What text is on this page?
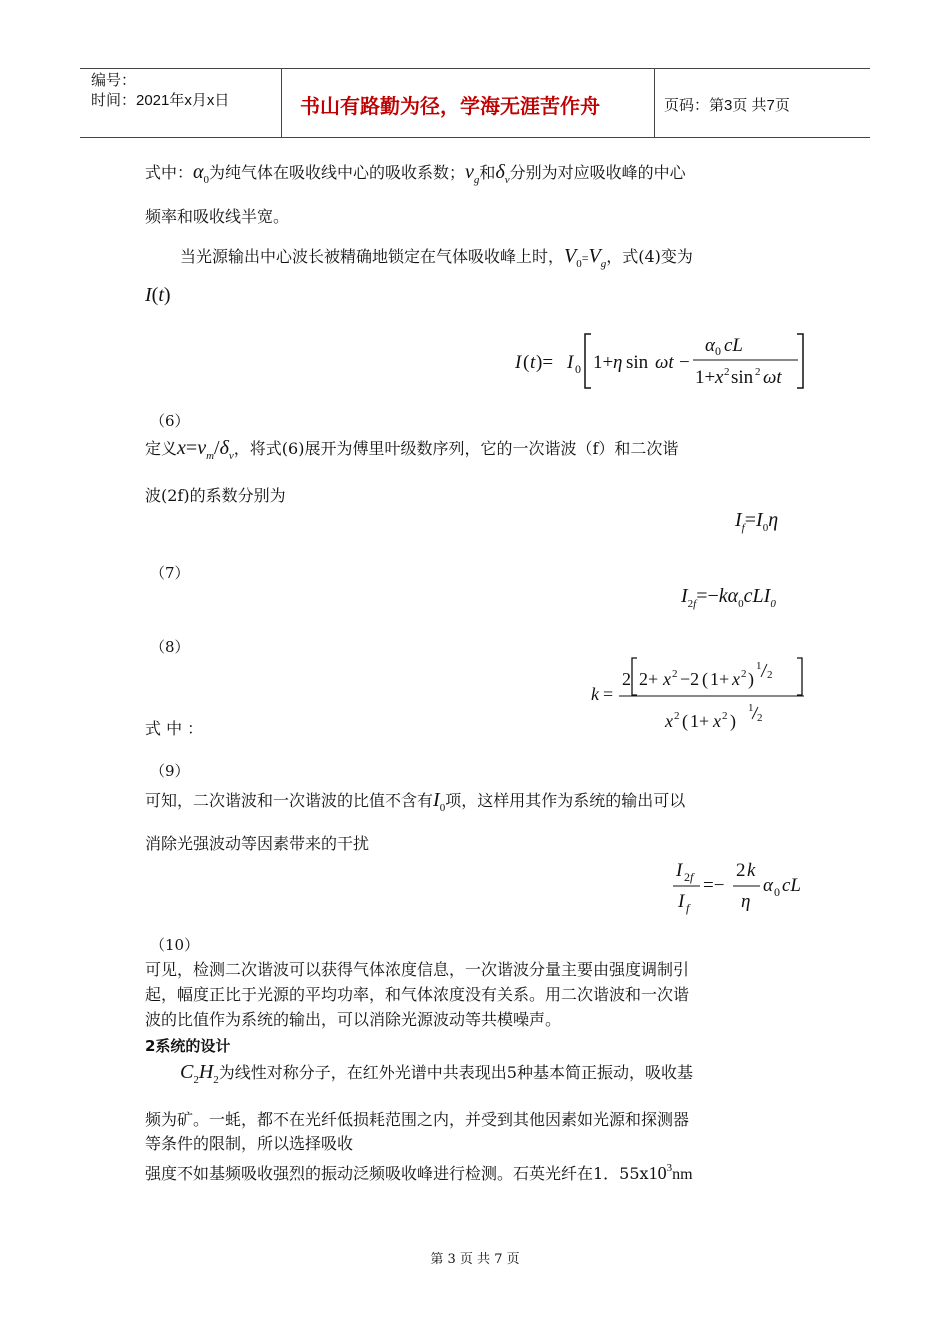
编号：
时间：2021年x月x日	书山有路勤为径，学海无涯苦作舟	页码：第3页 共7页
式中：$\alpha_0$为纯气体在吸收线中心的吸收系数；$v_g$和$\delta_v$分别为对应吸收峰的中心
频率和吸收线半宽。
当光源输出中心波长被精确地锁定在气体吸收峰上时，$V_0=V_g$，式(4)变为
I(t)
I ( t )= I 0 1+ η sin ωt −
α 0 cL
1+ x 2 sin 2 ωt
（6）
定义$x=v_m/\delta_v$，将式(6)展开为傅里叶级数序列，它的一次谐波（f）和二次谐
波(2f)的系数分别为
$I_f=I_0\eta$
（7）
$I_{2f}=-k\alpha_0cLI_0$
（8）
k =
2 2+ x 2 −2 ( 1+ x 2 )
1
2
x 2 ( 1+ x 2 )
1
2
式 中 ：
（9）
可知，二次谐波和一次谐波的比值不含有$I_0$项，这样用其作为系统的输出可以
消除光强波动等因素带来的干扰
I 2f
I f
=−
2 k
η
α 0 cL
（10）
可见，检测二次谐波可以获得气体浓度信息，一次谐波分量主要由强度调制引
起，幅度正比于光源的平均功率，和气体浓度没有关系。用二次谐波和一次谐
波的比值作为系统的输出，可以消除光源波动等共模噪声。
2系统的设计
$C_2H_2$为线性对称分子，在红外光谱中共表现出5种基本简正振动，吸收基
频为矿。一蚝，都不在光纤低损耗范围之内，并受到其他因素如光源和探测器
等条件的限制，所以选择吸收
强度不如基频吸收强烈的振动泛频吸收峰进行检测。石英光纤在1．$55x10^3nm$
第 3 页 共 7 页
